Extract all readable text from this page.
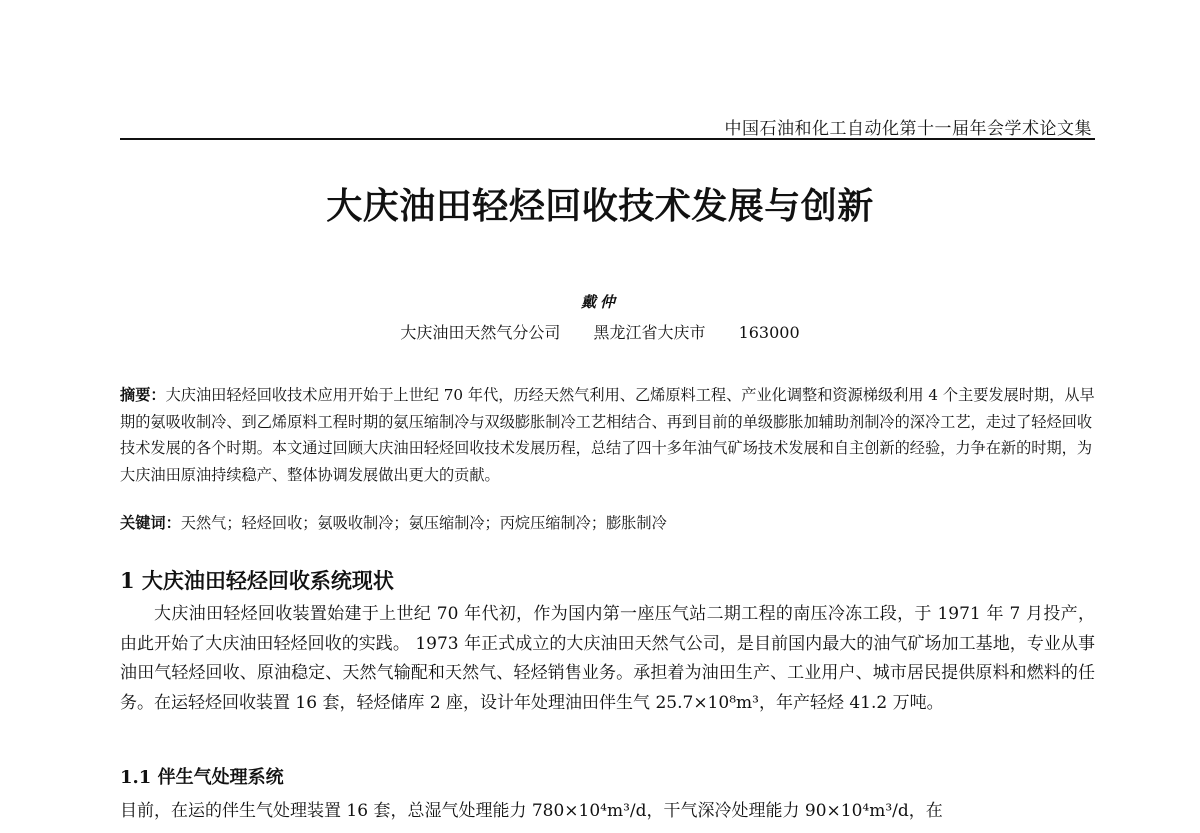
中国石油和化工自动化第十一届年会学术论文集
大庆油田轻烃回收技术发展与创新
戴仲
大庆油田天然气分公司 黑龙江省大庆市 163000

摘要：大庆油田轻烃回收技术应用开始于上世纪 70 年代，历经天然气利用、乙烯原料工程、产业化调整和资源梯级利用 4 个主要发展时期，从早期的氨吸收制冷、到乙烯原料工程时期的氨压缩制冷与双级膨胀制冷工艺相结合、再到目前的单级膨胀加辅助剂制冷的深冷工艺，走过了轻烃回收技术发展的各个时期。本文通过回顾大庆油田轻烃回收技术发展历程，总结了四十多年油气矿场技术发展和自主创新的经验，力争在新的时期，为大庆油田原油持续稳产、整体协调发展做出更大的贡献。

关键词：天然气；轻烃回收；氨吸收制冷；氨压缩制冷；丙烷压缩制冷；膨胀制冷

1 大庆油田轻烃回收系统现状

大庆油田轻烃回收装置始建于上世纪 70 年代初，作为国内第一座压气站二期工程的南压冷冻工段，于 1971 年 7 月投产，由此开始了大庆油田轻烃回收的实践。 1973 年正式成立的大庆油田天然气公司，是目前国内最大的油气矿场加工基地，专业从事油田气轻烃回收、原油稳定、天然气输配和天然气、轻烃销售业务。承担着为油田生产、工业用户、城市居民提供原料和燃料的任务。在运轻烃回收装置 16 套，轻烃储库 2 座，设计年处理油田伴生气 25.7×10⁸m³，年产轻烃 41.2 万吨。

1.1 伴生气处理系统

目前，在运的伴生气处理装置 16 套，总湿气处理能力 780×10⁴m³/d，干气深冷处理能力 90×10⁴m³/d，在
